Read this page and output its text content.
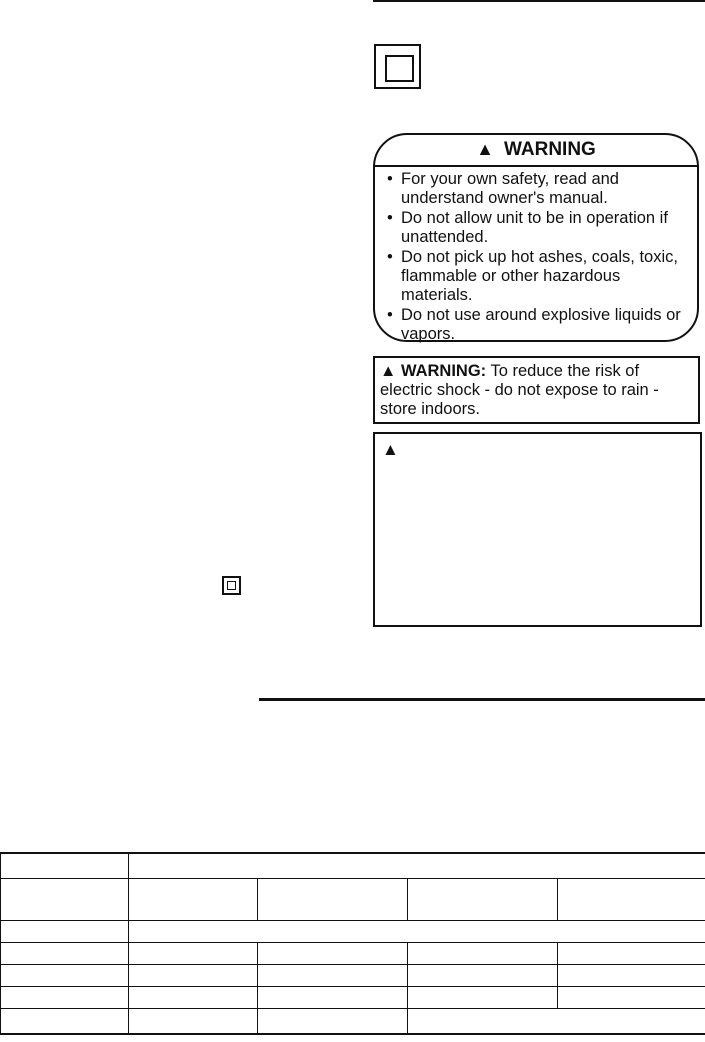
▲ WARNING
• For your own safety, read and understand owner's manual.
• Do not allow unit to be in operation if unattended.
• Do not pick up hot ashes, coals, toxic, flammable or other hazardous materials.
• Do not use around explosive liquids or vapors.
▲ WARNING: To reduce the risk of electric shock - do not expose to rain - store indoors.
▲
